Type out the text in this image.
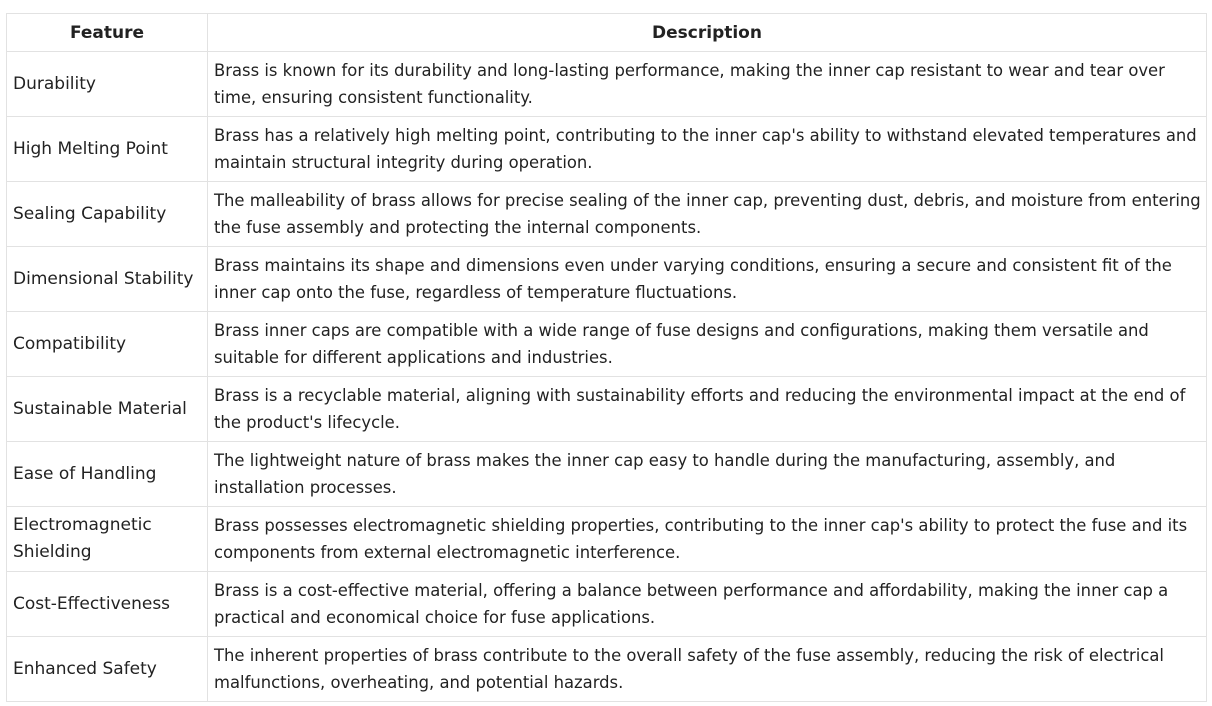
Feature	Description
Durability	Brass is known for its durability and long-lasting performance, making the inner cap resistant to wear and tear over time, ensuring consistent functionality.
High Melting Point	Brass has a relatively high melting point, contributing to the inner cap's ability to withstand elevated temperatures and maintain structural integrity during operation.
Sealing Capability	The malleability of brass allows for precise sealing of the inner cap, preventing dust, debris, and moisture from entering the fuse assembly and protecting the internal components.
Dimensional Stability	Brass maintains its shape and dimensions even under varying conditions, ensuring a secure and consistent fit of the inner cap onto the fuse, regardless of temperature fluctuations.
Compatibility	Brass inner caps are compatible with a wide range of fuse designs and configurations, making them versatile and suitable for different applications and industries.
Sustainable Material	Brass is a recyclable material, aligning with sustainability efforts and reducing the environmental impact at the end of the product's lifecycle.
Ease of Handling	The lightweight nature of brass makes the inner cap easy to handle during the manufacturing, assembly, and installation processes.
Electromagnetic Shielding	Brass possesses electromagnetic shielding properties, contributing to the inner cap's ability to protect the fuse and its components from external electromagnetic interference.
Cost-Effectiveness	Brass is a cost-effective material, offering a balance between performance and affordability, making the inner cap a practical and economical choice for fuse applications.
Enhanced Safety	The inherent properties of brass contribute to the overall safety of the fuse assembly, reducing the risk of electrical malfunctions, overheating, and potential hazards.
